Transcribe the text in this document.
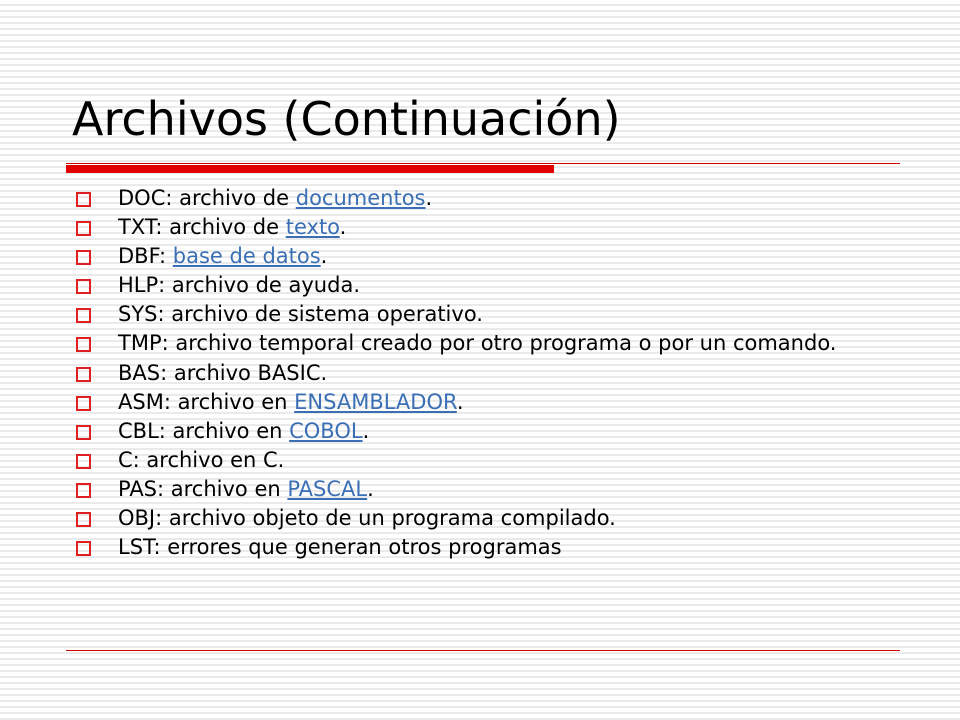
Archivos (Continuación)
DOC: archivo de documentos.
TXT: archivo de texto.
DBF: base de datos.
HLP: archivo de ayuda.
SYS: archivo de sistema operativo.
TMP: archivo temporal creado por otro programa o por un comando.
BAS: archivo BASIC.
ASM: archivo en ENSAMBLADOR.
CBL: archivo en COBOL.
C: archivo en C.
PAS: archivo en PASCAL.
OBJ: archivo objeto de un programa compilado.
LST: errores que generan otros programas
